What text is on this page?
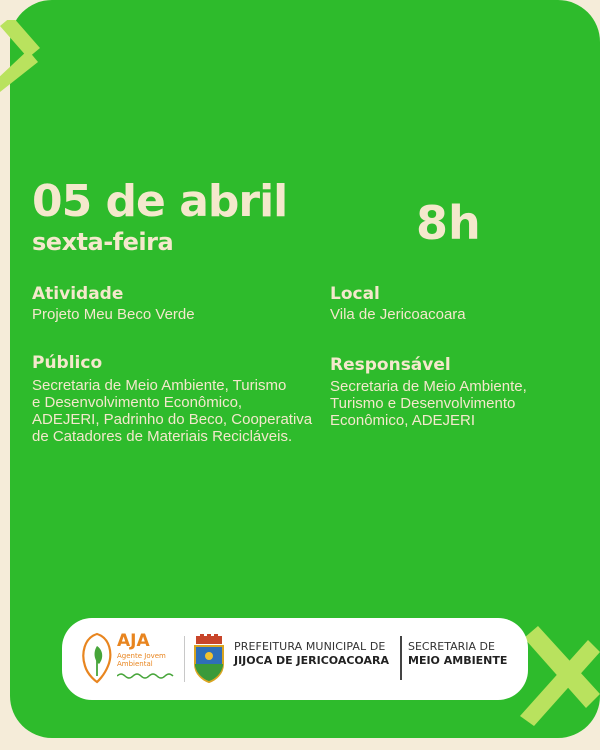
05 de abril
sexta-feira	8h
Atividade
Projeto Meu Beco Verde
Local
Vila de Jericoacoara
Público
Secretaria de Meio Ambiente, Turismo
e Desenvolvimento Econômico,
ADEJERI, Padrinho do Beco, Cooperativa
de Catadores de Materiais Recicláveis.
Responsável
Secretaria de Meio Ambiente,
Turismo e Desenvolvimento
Econômico, ADEJERI
AJA
Agente Jovem
Ambiental
PREFEITURA MUNICIPAL DE
JIJOCA DE JERICOACOARA
SECRETARIA DE
MEIO AMBIENTE
